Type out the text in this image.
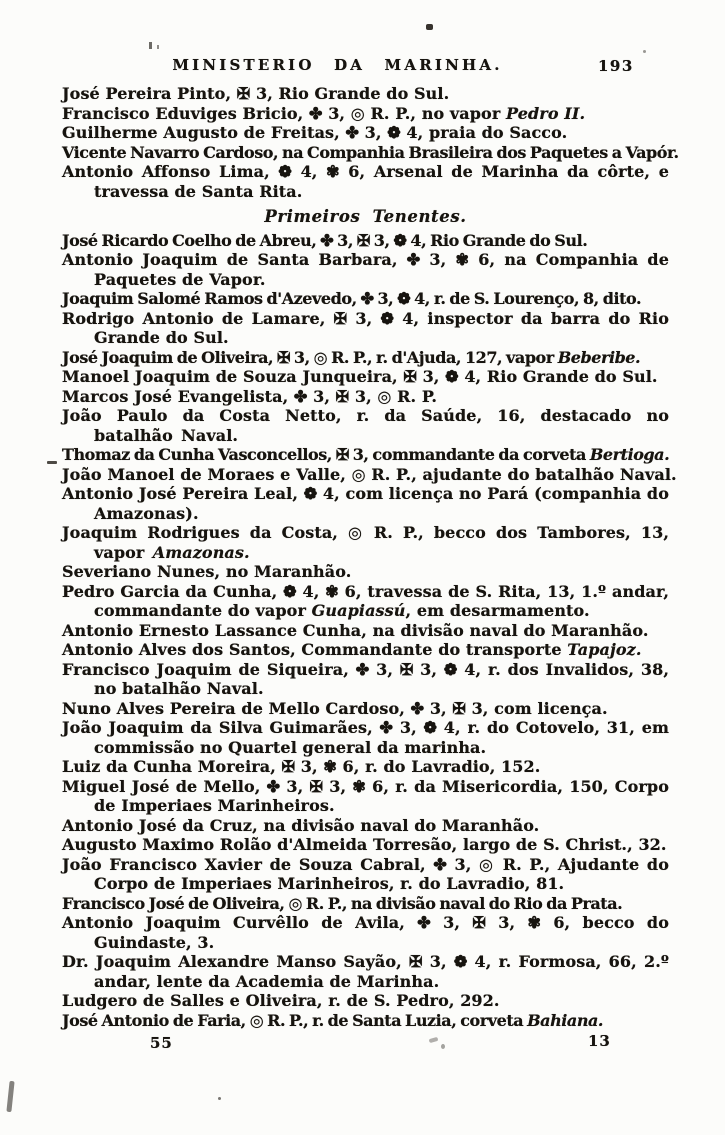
MINISTERIO DA MARINHA.	193

José Pereira Pinto, ✠ 3, Rio Grande do Sul.

Francisco Eduviges Bricio, ✤ 3, ◎ R. P., no vapor Pedro II.

Guilherme Augusto de Freitas, ✤ 3, ❁ 4, praia do Sacco.

Vicente Navarro Cardoso, na Companhia Brasileira dos Paquetes a Vapór.

Antonio Affonso Lima, ❁ 4, ✾ 6, Arsenal de Marinha da côrte, e travessa de Santa Rita.

Primeiros Tenentes.

José Ricardo Coelho de Abreu, ✤ 3, ✠ 3, ❁ 4, Rio Grande do Sul.

Antonio Joaquim de Santa Barbara, ✤ 3, ✾ 6, na Companhia de Paquetes de Vapor.

Joaquim Salomé Ramos d'Azevedo, ✤ 3, ❁ 4, r. de S. Lourenço, 8, dito.

Rodrigo Antonio de Lamare, ✠ 3, ❁ 4, inspector da barra do Rio Grande do Sul.

José Joaquim de Oliveira, ✠ 3, ◎ R. P., r. d'Ajuda, 127, vapor Beberibe.

Manoel Joaquim de Souza Junqueira, ✠ 3, ❁ 4, Rio Grande do Sul.

Marcos José Evangelista, ✤ 3, ✠ 3, ◎ R. P.

João Paulo da Costa Netto, r. da Saúde, 16, destacado no batalhão Naval.

Thomaz da Cunha Vasconcellos, ✠ 3, commandante da corveta Bertioga.

João Manoel de Moraes e Valle, ◎ R. P., ajudante do batalhão Naval.

Antonio José Pereira Leal, ❁ 4, com licença no Pará (companhia do Amazonas).

Joaquim Rodrigues da Costa, ◎ R. P., becco dos Tambores, 13, vapor Amazonas.

Severiano Nunes, no Maranhão.

Pedro Garcia da Cunha, ❁ 4, ✾ 6, travessa de S. Rita, 13, 1.º andar, commandante do vapor Guapiassú, em desarmamento.

Antonio Ernesto Lassance Cunha, na divisão naval do Maranhão.

Antonio Alves dos Santos, Commandante do transporte Tapajoz.

Francisco Joaquim de Siqueira, ✤ 3, ✠ 3, ❁ 4, r. dos Invalidos, 38, no batalhão Naval.

Nuno Alves Pereira de Mello Cardoso, ✤ 3, ✠ 3, com licença.

João Joaquim da Silva Guimarães, ✤ 3, ❁ 4, r. do Cotovelo, 31, em commissão no Quartel general da marinha.

Luiz da Cunha Moreira, ✠ 3, ✾ 6, r. do Lavradio, 152.

Miguel José de Mello, ✤ 3, ✠ 3, ✾ 6, r. da Misericordia, 150, Corpo de Imperiaes Marinheiros.

Antonio José da Cruz, na divisão naval do Maranhão.

Augusto Maximo Rolão d'Almeida Torresão, largo de S. Christ., 32.

João Francisco Xavier de Souza Cabral, ✤ 3, ◎ R. P., Ajudante do Corpo de Imperiaes Marinheiros, r. do Lavradio, 81.

Francisco José de Oliveira, ◎ R. P., na divisão naval do Rio da Prata.

Antonio Joaquim Curvêllo de Avila, ✤ 3, ✠ 3, ✾ 6, becco do Guindaste, 3.

Dr. Joaquim Alexandre Manso Sayão, ✠ 3, ❁ 4, r. Formosa, 66, 2.º andar, lente da Academia de Marinha.

Ludgero de Salles e Oliveira, r. de S. Pedro, 292.

José Antonio de Faria, ◎ R. P., r. de Santa Luzia, corveta Bahiana.

55	13
